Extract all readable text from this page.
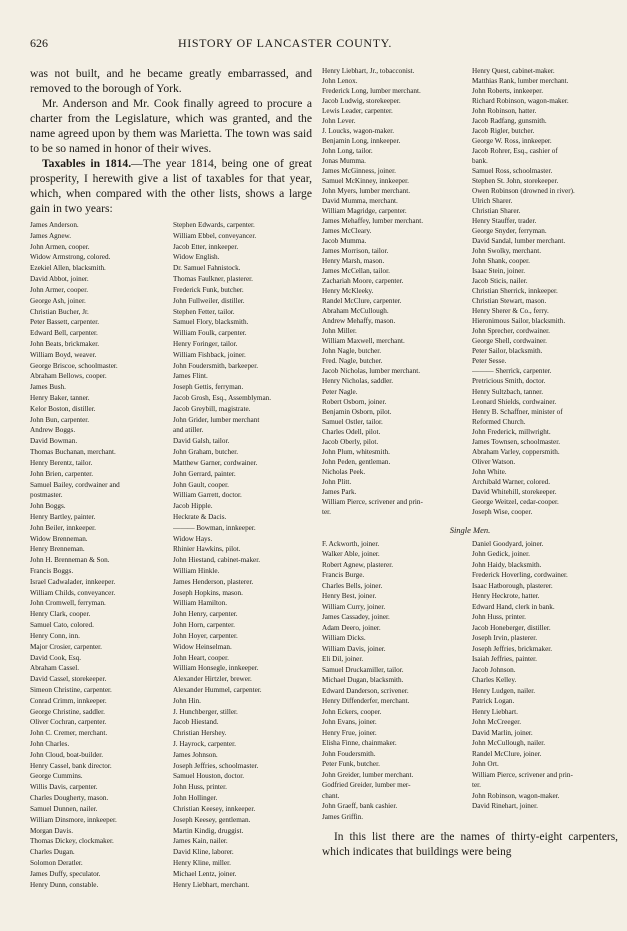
626	HISTORY OF LANCASTER COUNTY.

was not built, and he became greatly embarrassed, and removed to the borough of York.

Mr. Anderson and Mr. Cook finally agreed to procure a charter from the Legislature, which was granted, and the name agreed upon by them was Marietta. The town was said to be so named in honor of their wives.

Taxables in 1814.—The year 1814, being one of great prosperity, I herewith give a list of taxables for that year, which, when compared with the other lists, shows a large gain in two years:

James Anderson.
James Agnew.
John Armen, cooper.
Widow Armstrong, colored.
Ezekiel Allen, blacksmith.
David Abbot, joiner.
John Armer, cooper.
George Ash, joiner.
Christian Bucher, Jr.
Peter Bassett, carpenter.
Edward Bell, carpenter.
John Beats, brickmaker.
William Boyd, weaver.
George Briscoe, schoolmaster.
Abraham Bellows, cooper.
James Bush.
Henry Baker, tanner.
Kelor Boston, distiller.
John Bun, carpenter.
Andrew Boggs.
David Bowman.
Thomas Buchanan, merchant.
Henry Berentz, tailor.
John Brien, carpenter.
Samuel Bailey, cordwainer and
postmaster.
John Boggs.
Henry Bartley, painter.
John Beiler, innkeeper.
Widow Brenneman.
Henry Brenneman.
John H. Brenneman & Son.
Francis Boggs.
Israel Cadwalader, innkeeper.
William Childs, conveyancer.
John Cromwell, ferryman.
Henry Clark, cooper.
Samuel Cato, colored.
Henry Conn, inn.
Major Crosier, carpenter.
David Cook, Esq.
Abraham Cassel.
David Cassel, storekeeper.
Simeon Christine, carpenter.
Conrad Crimm, innkeeper.
George Christine, saddler.
Oliver Cochran, carpenter.
John C. Cremer, merchant.
John Charles.
John Cloud, boat-builder.
Henry Cassel, bank director.
George Cummins.
Willis Davis, carpenter.
Charles Dougherty, mason.
Samuel Dunnen, nailer.
William Dinsmore, innkeeper.
Morgan Davis.
Thomas Dickey, clockmaker.
Charles Dugan.
Solomon Deratler.
James Duffy, speculator.
Henry Dunn, constable.
Stephen Edwards, carpenter.
William Ebbel, conveyancer.
Jacob Etter, innkeeper.
Widow English.
Dr. Samuel Fahnistock.
Thomas Faulkner, plasterer.
Frederick Funk, butcher.
John Fullweiler, distiller.
Stephen Fetter, tailor.
Samuel Flory, blacksmith.
William Foulk, carpenter.
Henry Foringer, tailor.
William Fishback, joiner.
John Foudersmith, barkeeper.
James Flint.
Joseph Gettis, ferryman.
Jacob Grosh, Esq., Assemblyman.
Jacob Greybill, magistrate.
John Grider, lumber merchant
and atiller.
David Galsh, tailor.
John Graham, butcher.
Matthew Garner, cordwainer.
John Gerrard, painter.
John Gault, cooper.
William Garrett, doctor.
Jacob Hipple.
Heckrate & Dacis.
——— Bowman, innkeeper.
Widow Hays.
Rhinier Hawkins, pilot.
John Hiestand, cabinet-maker.
William Hinkle.
James Henderson, plasterer.
Joseph Hopkins, mason.
William Hamilton.
John Henry, carpenter.
John Horn, carpenter.
John Hoyer, carpenter.
Widow Heinselman.
John Heart, cooper.
William Honsegle, innkeeper.
Alexander Hirtzler, brewer.
Alexander Hummel, carpenter.
John Hin.
J. Hunchberger, stiller.
Jacob Hiestand.
Christian Hershey.
J. Hayrock, carpenter.
James Johnson.
Joseph Jeffries, schoolmaster.
Samuel Houston, doctor.
John Huss, printer.
John Hollinger.
Christian Keesey, innkeeper.
Joseph Keesey, gentleman.
Martin Kindig, druggist.
James Kain, nailer.
David Kline, laborer.
Henry Kline, miller.
Michael Lentz, joiner.
Henry Liebhart, merchant.
Henry Liebhart, Jr., tobacconist.
John Lenox.
Frederick Long, lumber merchant.
Jacob Ludwig, storekeeper.
Lewis Leader, carpenter.
John Lever.
J. Loucks, wagon-maker.
Benjamin Long, innkeeper.
John Long, tailor.
Jonas Mumma.
James McGinness, joiner.
Samuel McKinney, innkeeper.
John Myers, lumber merchant.
David Mumma, merchant.
William Magridge, carpenter.
James Mehaffey, lumber merchant.
James McCleary.
Jacob Mumma.
James Morrison, tailor.
Henry Marsh, mason.
James McCellan, tailor.
Zachariah Moore, carpenter.
Henry McKleeky.
Randel McClure, carpenter.
Abraham McCullough.
Andrew Mehaffy, mason.
John Miller.
William Maxwell, merchant.
John Nagle, butcher.
Fred. Nagle, butcher.
Jacob Nicholas, lumber merchant.
Henry Nicholas, saddler.
Peter Nagle.
Robert Osborn, joiner.
Benjamin Osborn, pilot.
Samuel Ostler, tailor.
Charles Odell, pilot.
Jacob Oberly, pilot.
John Plum, whitesmith.
John Peden, gentleman.
Nicholas Peek.
John Plitt.
James Park.
William Pierce, scrivener and prin-
ter.
Henry Quest, cabinet-maker.
Matthias Rank, lumber merchant.
John Roberts, innkeeper.
Richard Robinson, wagon-maker.
John Robinson, hatter.
Jacob Radfang, gunsmith.
Jacob Rigler, butcher.
George W. Ross, innkeeper.
Jacob Rohrer, Esq., cashier of
bank.
Samuel Ross, schoolmaster.
Stephen St. John, storekeeper.
Owen Robinson (drowned in river).
Ulrich Sharer.
Christian Sharer.
Henry Stauffer, trader.
George Snyder, ferryman.
David Sandal, lumber merchant.
John Swolky, merchant.
John Shank, cooper.
Isaac Stein, joiner.
Jacob Sticis, nailer.
Christian Sherrick, innkeeper.
Christian Stewart, mason.
Henry Sherer & Co., ferry.
Hieronimous Sailor, blacksmith.
John Sprecher, cordwainer.
George Shell, cordwainer.
Peter Sailor, blacksmith.
Peter Sesse.
——— Sherrick, carpenter.
Pretricious Smith, doctor.
Henry Sultzbach, tanner.
Leonard Shields, cordwainer.
Henry B. Schaffner, minister of
Reformed Church.
John Frederick, millwright.
James Townsen, schoolmaster.
Abraham Varley, coppersmith.
Oliver Watson.
John White.
Archibald Warner, colored.
David Whitehill, storekeeper.
George Weitzel, cedar-cooper.
Joseph Wise, cooper.
Single Men.
F. Ackworth, joiner.
Walker Able, joiner.
Robert Agnew, plasterer.
Francis Burge.
Charles Bells, joiner.
Henry Best, joiner.
William Curry, joiner.
James Cassadey, joiner.
Adam Deero, joiner.
William Dicks.
William Davis, joiner.
Eli Dil, joiner.
Samuel Druckamiller, tailor.
Michael Dugan, blacksmith.
Edward Danderson, scrivener.
Henry Diffenderfer, merchant.
John Eckers, cooper.
John Evans, joiner.
Henry Frue, joiner.
Elisha Finne, chainmaker.
John Foudersmith.
Peter Funk, butcher.
John Greider, lumber merchant.
Godfried Greider, lumber mer-
chant.
John Graeff, bank cashier.
James Griffin.
Daniel Goodyard, joiner.
John Gedick, joiner.
John Haidy, blacksmith.
Frederick Hoverling, cordwainer.
Isaac Hatborough, plasterer.
Henry Heckrote, hatter.
Edward Hand, clerk in bank.
John Huss, printer.
Jacob Honeberger, distiller.
Joseph Irvin, plasterer.
Joseph Jeffries, brickmaker.
Isaiah Jeffries, painter.
Jacob Johnson.
Charles Kelley.
Henry Ludgen, nailer.
Patrick Logan.
Henry Liebhart.
John McCreeger.
David Marlin, joiner.
John McCullough, nailer.
Randel McClure, joiner.
John Ort.
William Pierce, scrivener and prin-
ter.
John Robinson, wagon-maker.
David Rinehart, joiner.

In this list there are the names of thirty-eight carpenters, which indicates that buildings were being
